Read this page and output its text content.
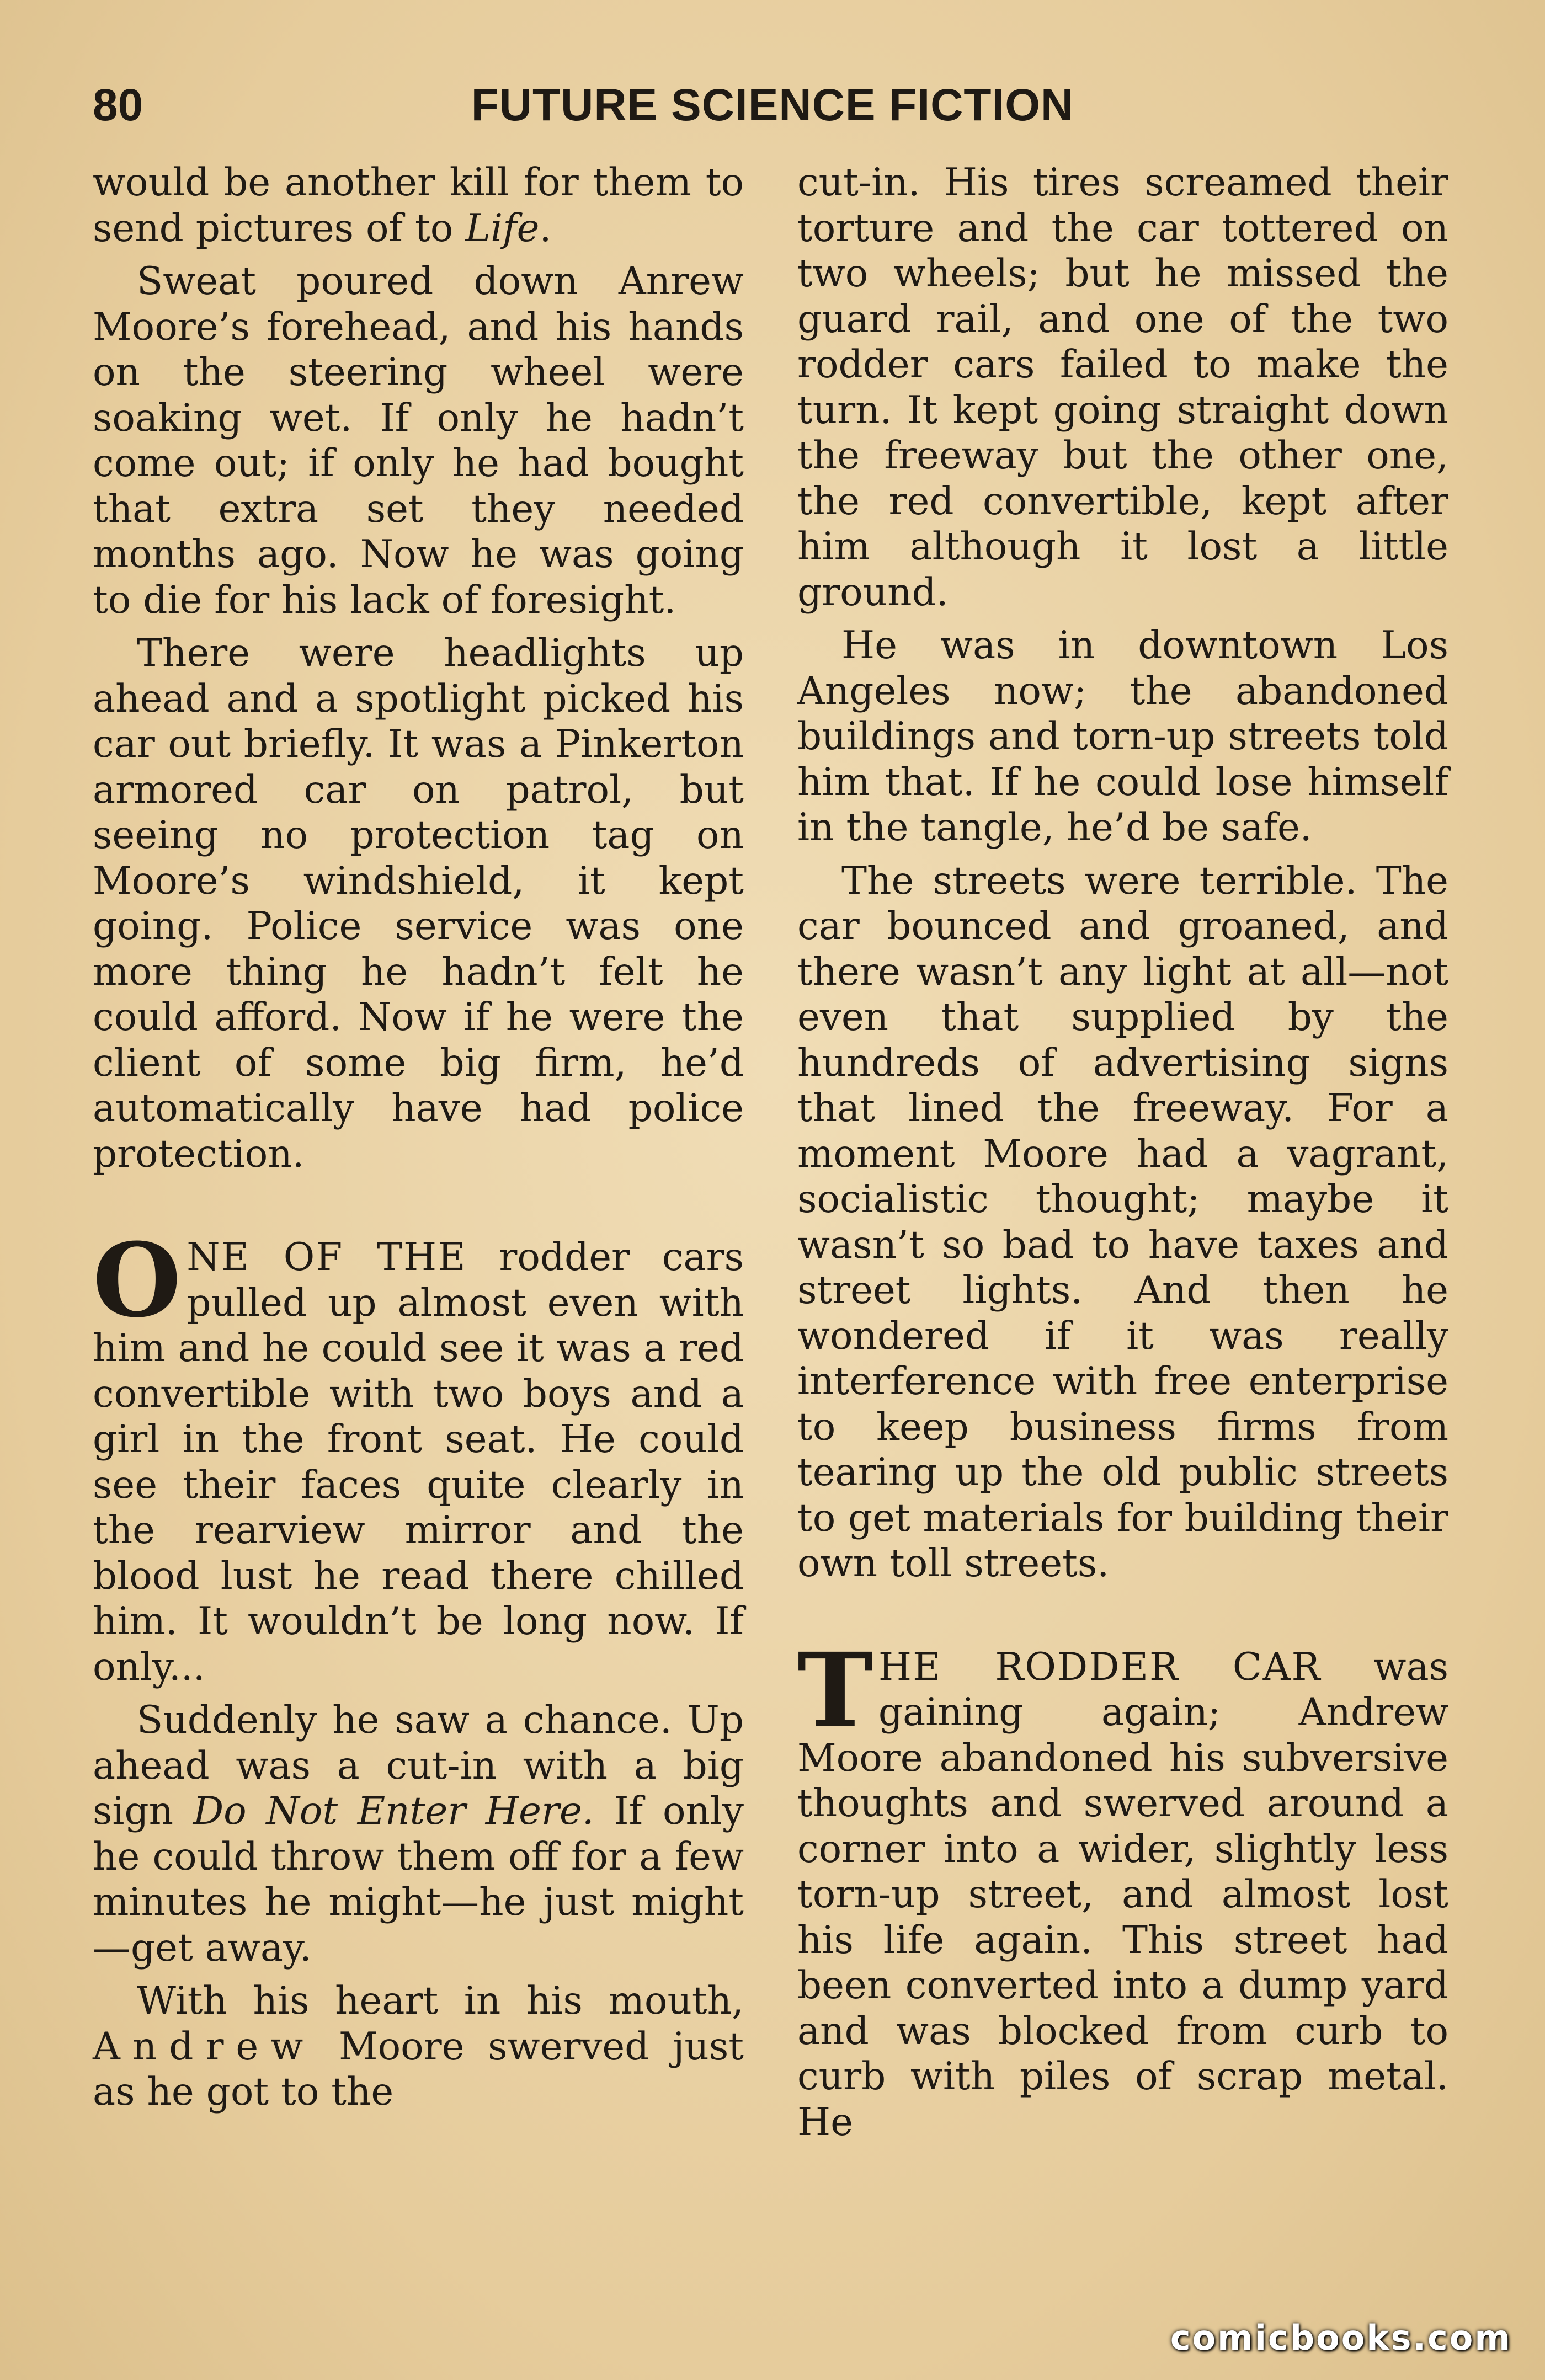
80	FUTURE SCIENCE FICTION

would be another kill for them to send pictures of to Life.

Sweat poured down Anrew Moore’s forehead, and his hands on the steering wheel were soaking wet. If only he hadn’t come out; if only he had bought that extra set they needed months ago. Now he was going to die for his lack of foresight.

There were headlights up ahead and a spotlight picked his car out briefly. It was a Pinkerton armored car on patrol, but seeing no protection tag on Moore’s windshield, it kept going. Police service was one more thing he hadn’t felt he could afford. Now if he were the client of some big firm, he’d automatically have had police protection.

ONE OF THE rodder cars pulled up almost even with him and he could see it was a red convertible with two boys and a girl in the front seat. He could see their faces quite clearly in the rearview mirror and the blood lust he read there chilled him. It wouldn’t be long now. If only...

Suddenly he saw a chance. Up ahead was a cut-in with a big sign Do Not Enter Here. If only he could throw them off for a few minutes he might—he just might—get away.

With his heart in his mouth, Andrew Moore swerved just as he got to the

cut-in. His tires screamed their torture and the car tottered on two wheels; but he missed the guard rail, and one of the two rodder cars failed to make the turn. It kept going straight down the freeway but the other one, the red convertible, kept after him although it lost a little ground.

He was in downtown Los Angeles now; the abandoned buildings and torn-up streets told him that. If he could lose himself in the tangle, he’d be safe.

The streets were terrible. The car bounced and groaned, and there wasn’t any light at all—not even that supplied by the hundreds of advertising signs that lined the freeway. For a moment Moore had a vagrant, socialistic thought; maybe it wasn’t so bad to have taxes and street lights. And then he wondered if it was really interference with free enterprise to keep business firms from tearing up the old public streets to get materials for building their own toll streets.

THE RODDER CAR was gaining again; Andrew Moore abandoned his subversive thoughts and swerved around a corner into a wider, slightly less torn-up street, and almost lost his life again. This street had been converted into a dump yard and was blocked from curb to curb with piles of scrap metal. He

comicbooks.com
